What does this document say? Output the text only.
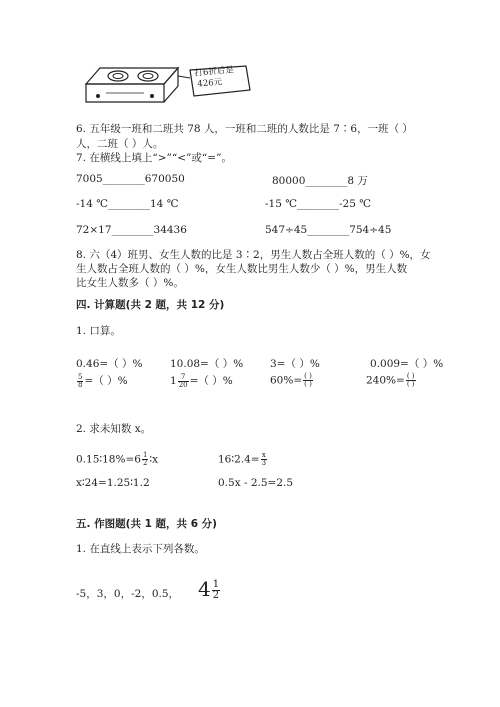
打6折后是
426元
6. 五年级一班和二班共 78 人，一班和二班的人数比是 7∶6，一班（ ）
人，二班（ ）人。
7. 在横线上填上“>”“<”或“=”。
7005________670050	80000________8 万
-14 ℃________14 ℃	-15 ℃________-25 ℃
72×17________34436	547÷45________754÷45
8. 六（4）班男、女生人数的比是 3∶2，男生人数占全班人数的（ ）%，女
生人数占全班人数的（ ）%，女生人数比男生人数少（ ）%，男生人数
比女生人数多（ ）%。
四. 计算题(共 2 题，共 12 分)
1. 口算。
0.46=（ ）%	10.08=（ ）%	3=（ ）%	0.009=（ ）%
$\frac{5}{8}$ =（ ）%	$1 \frac{7}{20}$ =（ ）%	$60\%= \frac{( )}{( )}$	$240\%= \frac{( )}{( )}$
2. 求未知数 x。
0.15∶18%=6 $\frac{1}{2}$ ∶x	16∶2.4= $\frac{x}{3}$
x∶24=1.25∶1.2	0.5x - 2.5=2.5
五. 作图题(共 1 题，共 6 分)
1. 在直线上表示下列各数。
-5，3，0，-2，0.5， $4 \frac{1}{2}$
